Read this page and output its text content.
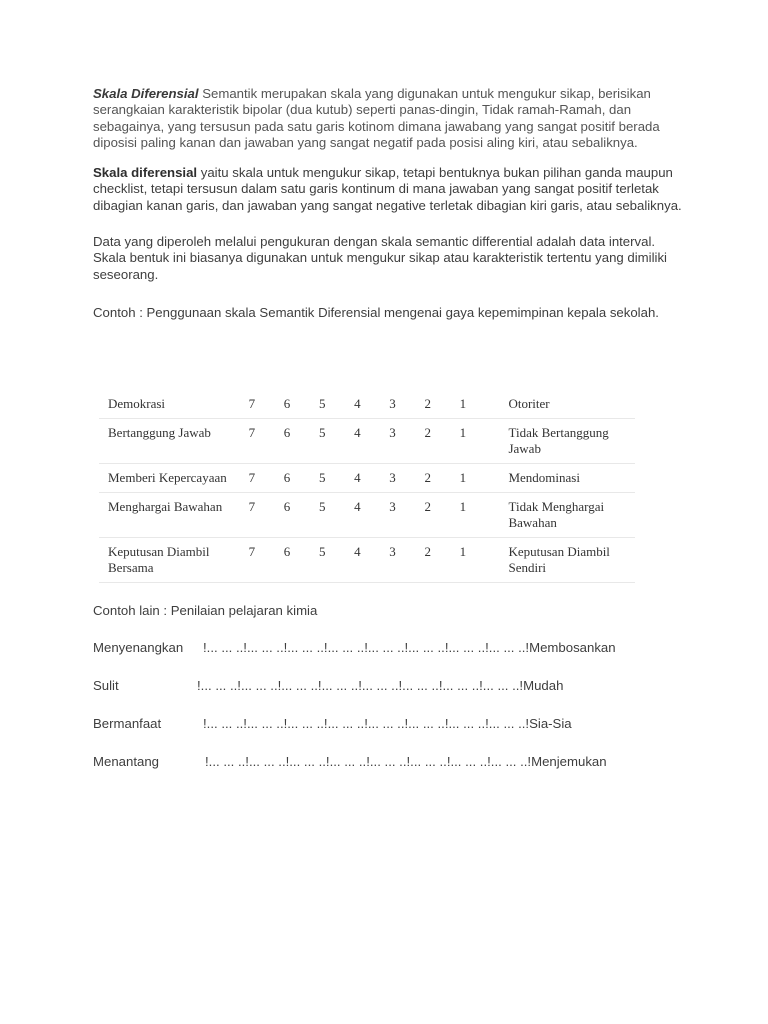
Skala Diferensial Semantik merupakan skala yang digunakan untuk mengukur sikap, berisikan serangkaian karakteristik bipolar (dua kutub) seperti panas-dingin, Tidak ramah-Ramah, dan sebagainya, yang tersusun pada satu garis kotinom dimana jawabang yang sangat positif berada diposisi paling kanan dan jawaban yang sangat negatif pada posisi aling kiri, atau sebaliknya.

Skala diferensial yaitu skala untuk mengukur sikap, tetapi bentuknya bukan pilihan ganda maupun checklist, tetapi tersusun dalam satu garis kontinum di mana jawaban yang sangat positif terletak dibagian kanan garis, dan jawaban yang sangat negative terletak dibagian kiri garis, atau sebaliknya.

Data yang diperoleh melalui pengukuran dengan skala semantic differential adalah data interval. Skala bentuk ini biasanya digunakan untuk mengukur sikap atau karakteristik tertentu yang dimiliki seseorang.

Contoh : Penggunaan skala Semantik Diferensial mengenai gaya kepemimpinan kepala sekolah.

Demokrasi	7	6	5	4	3	2	1	Otoriter
Bertanggung Jawab	7	6	5	4	3	2	1	Tidak Bertanggung Jawab
Memberi Kepercayaan	7	6	5	4	3	2	1	Mendominasi
Menghargai Bawahan	7	6	5	4	3	2	1	Tidak Menghargai Bawahan
Keputusan Diambil Bersama	7	6	5	4	3	2	1	Keputusan Diambil Sendiri

Contoh lain : Penilaian pelajaran kimia

Menyenangkan !... ... ..!... ... ..!... ... ..!... ... ..!... ... ..!... ... ..!... ... ..!... ... ..!Membosankan
Sulit	!... ... ..!... ... ..!... ... ..!... ... ..!... ... ..!... ... ..!... ... ..!... ... ..!Mudah
Bermanfaat	!... ... ..!... ... ..!... ... ..!... ... ..!... ... ..!... ... ..!... ... ..!... ... ..!Sia-Sia
Menantang	!... ... ..!... ... ..!... ... ..!... ... ..!... ... ..!... ... ..!... ... ..!... ... ..!Menjemukan
